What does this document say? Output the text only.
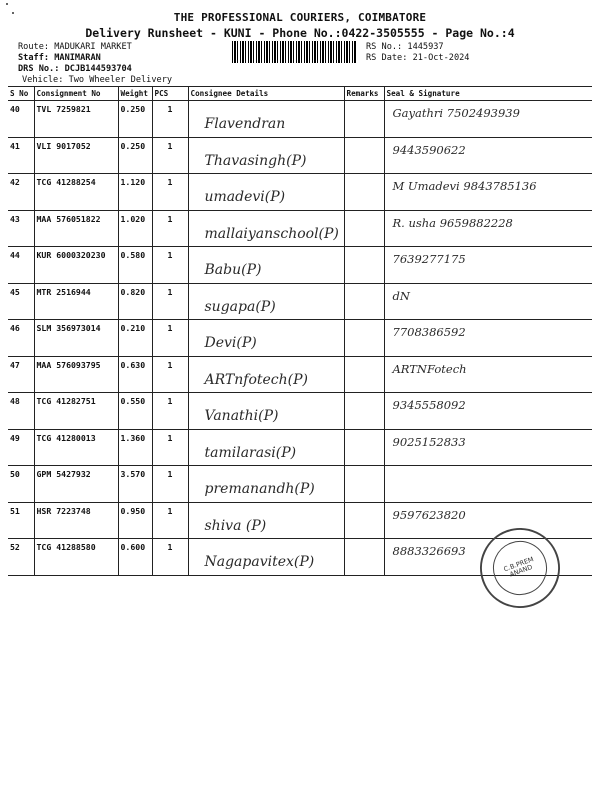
THE PROFESSIONAL COURIERS, COIMBATORE
Delivery Runsheet - KUNI - Phone No.:0422-3505555 - Page No.:4
Route: MADUKARI MARKET
Staff: MANIMARAN
DRS No.: DCJB144593704
Vehicle: Two Wheeler Delivery
RS No.: 1445937
RS Date: 21-Oct-2024
S No	Consignment No	Weight	PCS	Consignee Details	Remarks	Seal & Signature
40	TVL 7259821	0.250	1	Flavendran		Gayathri 7502493939

41	VLI 9017052	0.250	1	Thavasingh(P)		9443590622

42	TCG 41288254	1.120	1	umadevi(P)		M Umadevi 9843785136

43	MAA 576051822	1.020	1	mallaiyanschool(P)		R. usha 9659882228

44	KUR 6000320230	0.580	1	Babu(P)		7639277175

45	MTR 2516944	0.820	1	sugapa(P)		dN

46	SLM 356973014	0.210	1	Devi(P)		7708386592

47	MAA 576093795	0.630	1	ARTnfotech(P)		ARTNFotech

48	TCG 41282751	0.550	1	Vanathi(P)		9345558092

49	TCG 41280013	1.360	1	tamilarasi(P)		9025152833

50	GPM 5427932	3.570	1	premanandh(P)		

51	HSR 7223748	0.950	1	shiva (P)		9597623820

52	TCG 41288580	0.600	1	Nagapavitex(P)		8883326693
C.B.PREM ANAND
